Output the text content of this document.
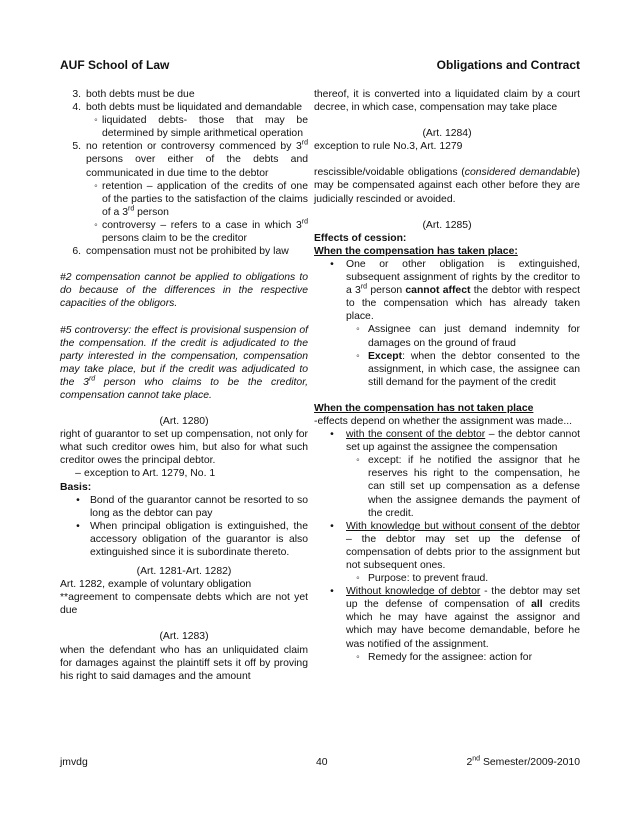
AUF School of Law	Obligations and Contract
3. both debts must be due
4. both debts must be liquidated and demandable
◦ liquidated debts- those that may be determined by simple arithmetical operation
5. no retention or controversy commenced by 3rd persons over either of the debts and communicated in due time to the debtor
◦ retention – application of the credits of one of the parties to the satisfaction of the claims of a 3rd person
◦ controversy – refers to a case in which 3rd persons claim to be the creditor
6. compensation must not be prohibited by law

#2 compensation cannot be applied to obligations to do because of the differences in the respective capacities of the obligors.

#5 controversy: the effect is provisional suspension of the compensation. If the credit is adjudicated to the party interested in the compensation, compensation may take place, but if the credit was adjudicated to the 3rd person who claims to be the creditor, compensation cannot take place.

(Art. 1280)

right of guarantor to set up compensation, not only for what such creditor owes him, but also for what such creditor owes the principal debtor.

– exception to Art. 1279, No. 1

Basis:

• Bond of the guarantor cannot be resorted to so long as the debtor can pay
• When principal obligation is extinguished, the accessory obligation of the guarantor is also extinguished since it is subordinate thereto.

(Art. 1281-Art. 1282)

Art. 1282, example of voluntary obligation

**agreement to compensate debts which are not yet due

(Art. 1283)

when the defendant who has an unliquidated claim for damages against the plaintiff sets it off by proving his right to said damages and the amount

thereof, it is converted into a liquidated claim by a court decree, in which case, compensation may take place

(Art. 1284)

exception to rule No.3, Art. 1279

rescissible/voidable obligations (considered demandable) may be compensated against each other before they are judicially rescinded or avoided.

(Art. 1285)

Effects of cession:

When the compensation has taken place:

•	One or other obligation is extinguished, subsequent assignment of rights by the creditor to a 3rd person cannot affect the debtor with respect to the compensation which has already taken place.
◦ Assignee can just demand indemnity for damages on the ground of fraud
◦ Except: when the debtor consented to the assignment, in which case, the assignee can still demand for the payment of the credit

When the compensation has not taken place

-effects depend on whether the assignment was made...

•	with the consent of the debtor – the debtor cannot set up against the assignee the compensation
◦ except: if he notified the assignor that he reserves his right to the compensation, he can still set up compensation as a defense when the assignee demands the payment of the credit.
•	With knowledge but without consent of the debtor – the debtor may set up the defense of compensation of debts prior to the assignment but not subsequent ones.
◦ Purpose: to prevent fraud.
•	Without knowledge of debtor - the debtor may set up the defense of compensation of all credits which he may have against the assignor and which may have become demandable, before he was notified of the assignment.
◦ Remedy for the assignee: action for
jmvdg	40	2nd Semester/2009-2010
